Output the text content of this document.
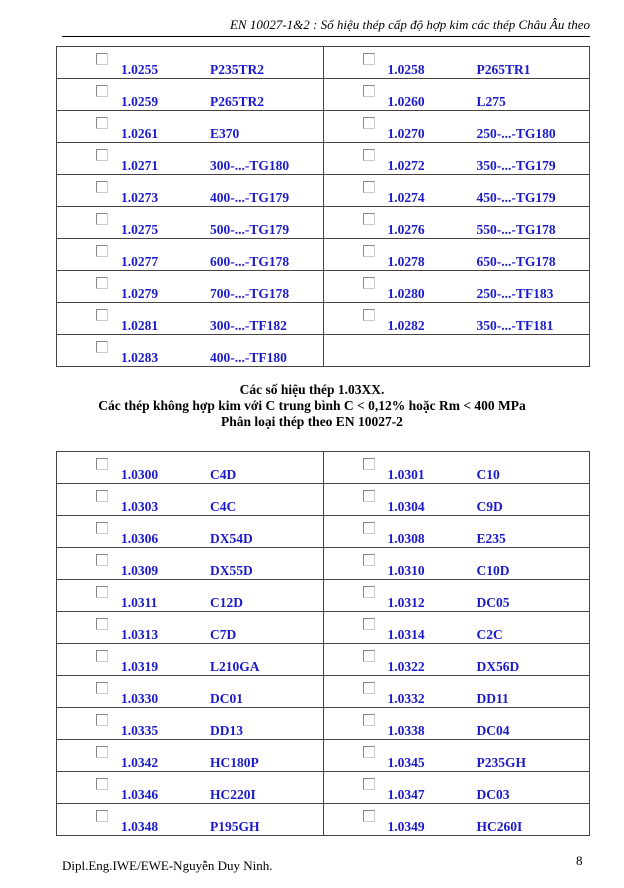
EN 10027-1&2 : Số hiệu thép cấp độ hợp kim các thép Châu Âu theo
1.0255 P235TR2	1.0258 P265TR1

1.0259 P265TR2	1.0260 L275

1.0261 E370	1.0270 250-...-TG180

1.0271 300-...-TG180	1.0272 350-...-TG179

1.0273 400-...-TG179	1.0274 450-...-TG179

1.0275 500-...-TG179	1.0276 550-...-TG178

1.0277 600-...-TG178	1.0278 650-...-TG178

1.0279 700-...-TG178	1.0280 250-...-TF183

1.0281 300-...-TF182	1.0282 350-...-TF181

1.0283 400-...-TF180	

Các số hiệu thép 1.03XX.
Các thép không hợp kim với C trung bình C < 0,12% hoặc Rm < 400 MPa
Phân loại thép theo EN 10027-2
1.0300 C4D	1.0301 C10

1.0303 C4C	1.0304 C9D

1.0306 DX54D	1.0308 E235

1.0309 DX55D	1.0310 C10D

1.0311 C12D	1.0312 DC05

1.0313 C7D	1.0314 C2C

1.0319 L210GA	1.0322 DX56D

1.0330 DC01	1.0332 DD11

1.0335 DD13	1.0338 DC04

1.0342 HC180P	1.0345 P235GH

1.0346 HC220I	1.0347 DC03

1.0348 P195GH	1.0349 HC260I
Dipl.Eng.IWE/EWE-Nguyễn Duy Ninh.	8
